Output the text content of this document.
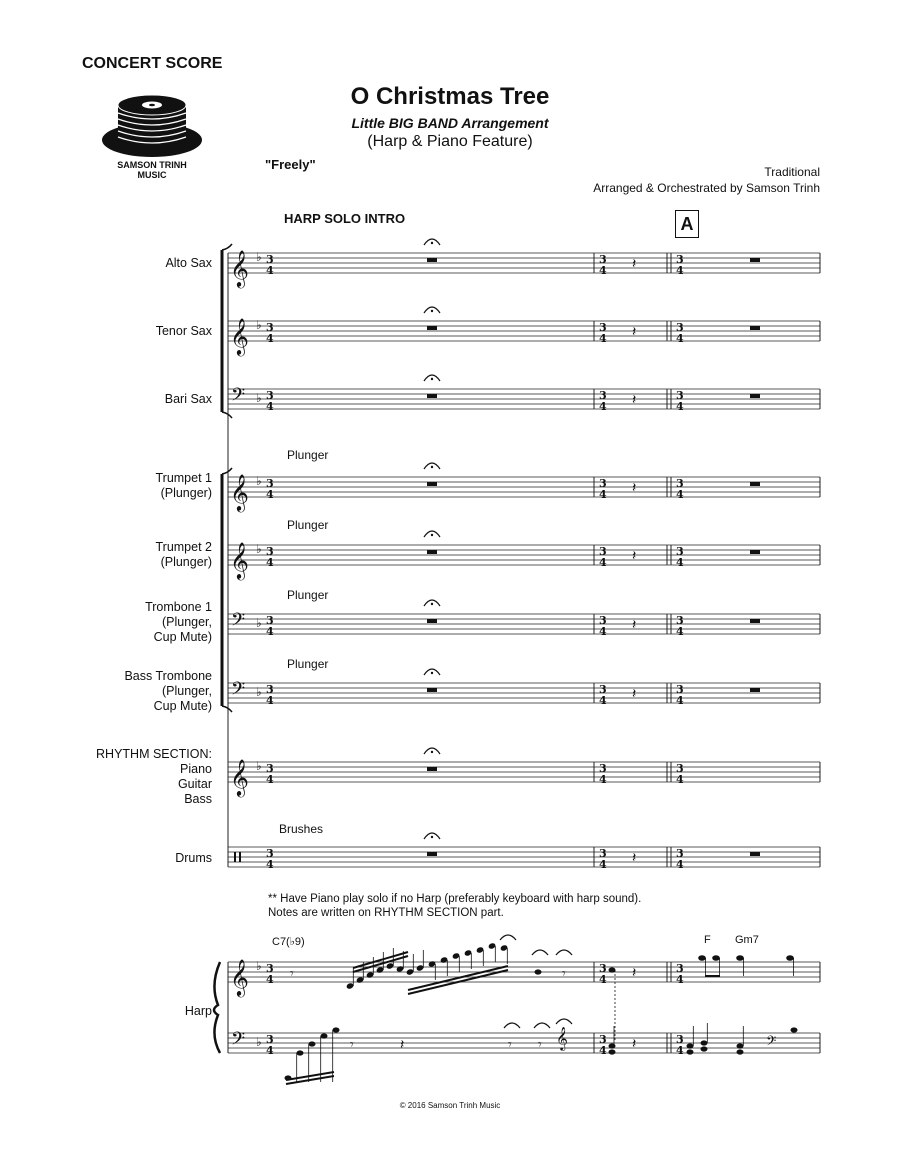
CONCERT SCORE
SAMSON TRINH
MUSIC
O Christmas Tree
Little BIG BAND Arrangement
(Harp & Piano Feature)
"Freely"	Traditional
Arranged & Orchestrated by Samson Trinh
HARP SOLO INTRO	A
Alto Sax
Tenor Sax
Bari Sax
Trumpet 1
(Plunger)
Trumpet 2
(Plunger)
Trombone 1
(Plunger,
Cup Mute)
Bass Trombone
(Plunger,
Cup Mute)
RHYTHM SECTION:
Piano
Guitar
Bass
Drums
Harp
Plunger
Plunger
Plunger
Plunger
Brushes
** Have Piano play solo if no Harp (preferably keyboard with harp sound).
Notes are written on RHYTHM SECTION part.
C7(♭9)	F Gm7
𝄞 ♭ 3
4
3
4
3
4
𝄽
𝄞 ♭ 3
4
3
4
3
4
𝄽
𝄢 ♭ 3
4
3
4
3
4
𝄽
𝄞 ♭ 3
4
3
4
3
4
𝄽
𝄞 ♭ 3
4
3
4
3
4
𝄽
𝄢 ♭ 3
4
3
4
3
4
𝄽
𝄢 ♭ 3
4
3
4
3
4
𝄽
𝄞 ♭ 3
4
3
4
3
4
3
4
3
4
3
4
𝄽
𝄞 ♭ 3
4
3
4
3
4
𝄢 ♭ 3
4
3
4
3
4
𝄾	𝄾	𝄽
𝄾	𝄽	𝄾 𝄾 𝄞	𝄽	𝄢
© 2016 Samson Trinh Music
